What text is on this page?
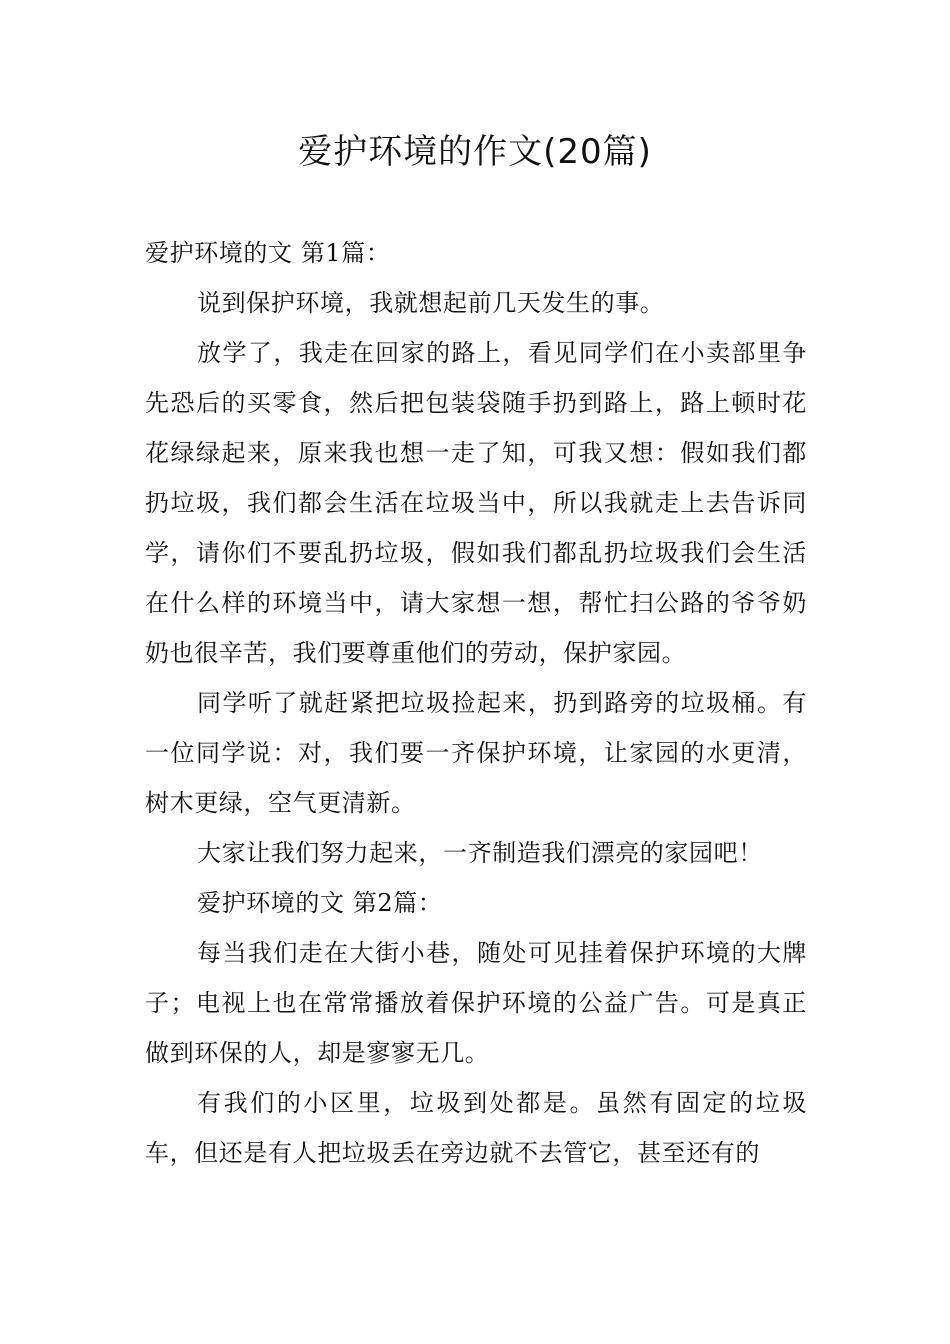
爱护环境的作文(20篇)

爱护环境的文 第1篇：

说到保护环境，我就想起前几天发生的事。

放学了，我走在回家的路上，看见同学们在小卖部里争先恐后的买零食，然后把包装袋随手扔到路上，路上顿时花花绿绿起来，原来我也想一走了知，可我又想：假如我们都扔垃圾，我们都会生活在垃圾当中，所以我就走上去告诉同学，请你们不要乱扔垃圾，假如我们都乱扔垃圾我们会生活在什么样的环境当中，请大家想一想，帮忙扫公路的爷爷奶奶也很辛苦，我们要尊重他们的劳动，保护家园。

同学听了就赶紧把垃圾捡起来，扔到路旁的垃圾桶。有一位同学说：对，我们要一齐保护环境，让家园的水更清，树木更绿，空气更清新。

大家让我们努力起来，一齐制造我们漂亮的家园吧！

爱护环境的文 第2篇：

每当我们走在大街小巷，随处可见挂着保护环境的大牌子；电视上也在常常播放着保护环境的公益广告。可是真正做到环保的人，却是寥寥无几。

有我们的小区里，垃圾到处都是。虽然有固定的垃圾车，但还是有人把垃圾丢在旁边就不去管它，甚至还有的
